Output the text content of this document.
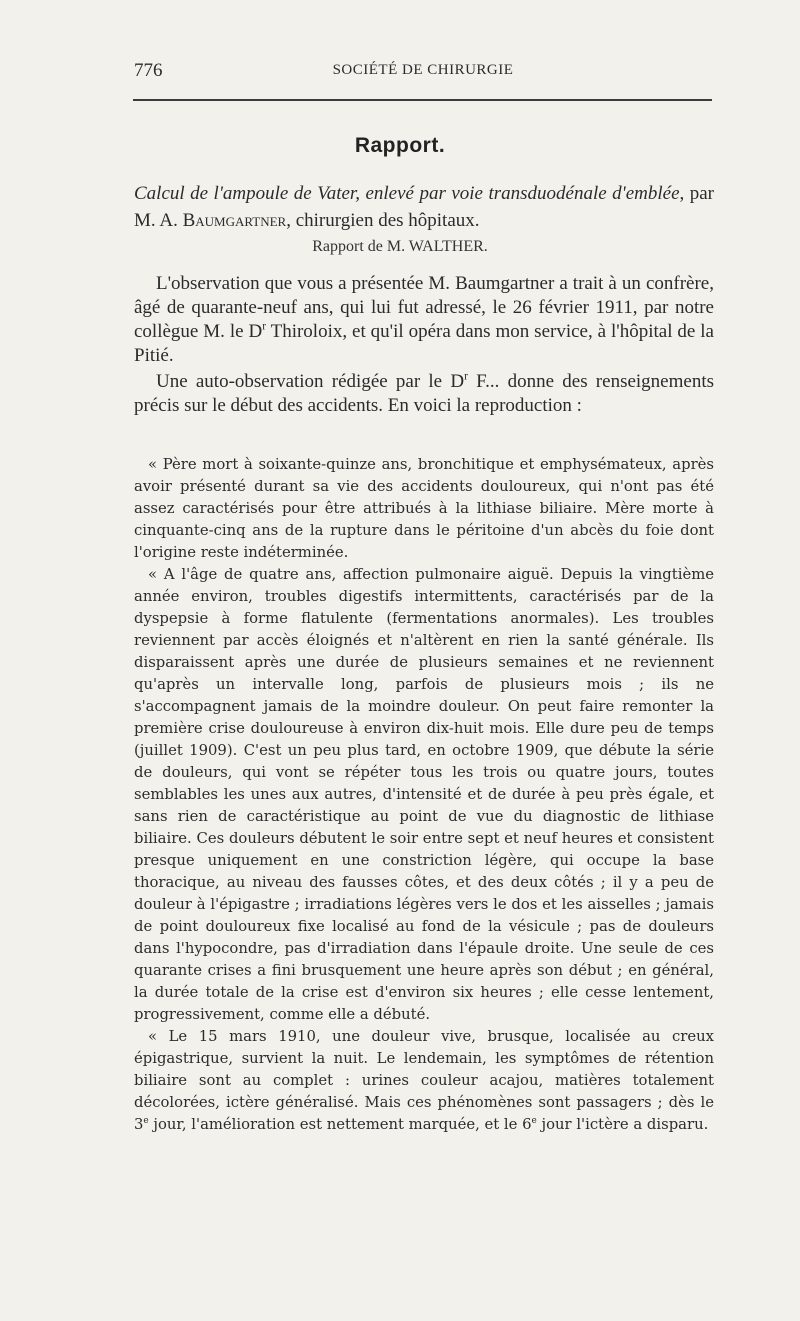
776	SOCIÉTÉ DE CHIRURGIE
Rapport.
Calcul de l'ampoule de Vater, enlevé par voie transduodénale d'emblée, par M. A. Baumgartner, chirurgien des hôpitaux.
Rapport de M. WALTHER.

L'observation que vous a présentée M. Baumgartner a trait à un confrère, âgé de quarante-neuf ans, qui lui fut adressé, le 26 février 1911, par notre collègue M. le $D^r$ Thiroloix, et qu'il opéra dans mon service, à l'hôpital de la Pitié.

Une auto-observation rédigée par le $D^r$ F... donne des renseignements précis sur le début des accidents. En voici la reproduction :

« Père mort à soixante-quinze ans, bronchitique et emphysémateux, après avoir présenté durant sa vie des accidents douloureux, qui n'ont pas été assez caractérisés pour être attribués à la lithiase biliaire. Mère morte à cinquante-cinq ans de la rupture dans le péritoine d'un abcès du foie dont l'origine reste indéterminée.

« A l'âge de quatre ans, affection pulmonaire aiguë. Depuis la vingtième année environ, troubles digestifs intermittents, caractérisés par de la dyspepsie à forme flatulente (fermentations anormales). Les troubles reviennent par accès éloignés et n'altèrent en rien la santé générale. Ils disparaissent après une durée de plusieurs semaines et ne reviennent qu'après un intervalle long, parfois de plusieurs mois ; ils ne s'accompagnent jamais de la moindre douleur. On peut faire remonter la première crise douloureuse à environ dix-huit mois. Elle dure peu de temps (juillet 1909). C'est un peu plus tard, en octobre 1909, que débute la série de douleurs, qui vont se répéter tous les trois ou quatre jours, toutes semblables les unes aux autres, d'intensité et de durée à peu près égale, et sans rien de caractéristique au point de vue du diagnostic de lithiase biliaire. Ces douleurs débutent le soir entre sept et neuf heures et consistent presque uniquement en une constriction légère, qui occupe la base thoracique, au niveau des fausses côtes, et des deux côtés ; il y a peu de douleur à l'épigastre ; irradiations légères vers le dos et les aisselles ; jamais de point douloureux fixe localisé au fond de la vésicule ; pas de douleurs dans l'hypocondre, pas d'irradiation dans l'épaule droite. Une seule de ces quarante crises a fini brusquement une heure après son début ; en général, la durée totale de la crise est d'environ six heures ; elle cesse lentement, progressivement, comme elle a débuté.

« Le 15 mars 1910, une douleur vive, brusque, localisée au creux épigastrique, survient la nuit. Le lendemain, les symptômes de rétention biliaire sont au complet : urines couleur acajou, matières totalement décolorées, ictère généralisé. Mais ces phénomènes sont passagers ; dès le 3e jour, l'amélioration est nettement marquée, et le 6e jour l'ictère a disparu.
